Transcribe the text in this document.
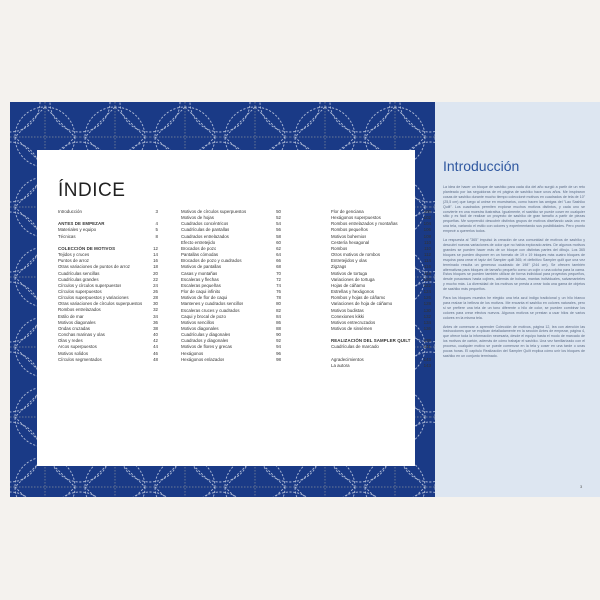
ÍNDICE
Introducción	3
ANTES DE EMPEZAR	4
Materiales y equipo	5
Técnicas	8
COLECCIÓN DE MOTIVOS	12
Tejidos y cruces	14
Puntos de arroz	16
Otras variaciones de puntos de arroz	18
Cuadrículas sencillas	20
Cuadrículas grandes	22
Círculos y círculos superpuestos	24
Círculos superpuestos	26
Círculos superpuestos y variaciones	28
Otras variaciones de círculos superpuestos 30
Rombos entrelazados	32
Estilo de mar	34
Motivos diagonales	36
Ondas cruzadas	38
Conchas marinas y olas	40
Olas y redes	42
Arcos superpuestos	44
Motivos solidos	46
Círculos segmentados	48
Motivos de círculos superpuestos	50
Motivos de hojas	52
Cuadrados concéntricos	54
Cuadrículas de pantallas	56
Cuadrados entrelazados	58
Efecto entretejido	60
Brocados de pozo	62
Pantallas cómodas	64
Brocados de pozo y cuadrados	66
Motivos de pantallas	68
Casas y montañas	70
Escaleras y flechas	72
Escaleras pequeñas	74
Flor de caqui infinito	76
Motivos de flor de caqui	78
Mantenes y cuadrados sencillos	80
Escaleras cruces y cuadrados	82
Caqui y brocal de pozo	84
Motivos sencillos	86
Motivos diagonales	88
Cuadrículas y diagonales	90
Cuadrados y diagonales	92
Motivos de flores y grecas	94
Hexágonos	96
Hexágonos enlazados	98
Flor de genciana	100
Hexágonos superpuestos	102
Rombos entrelazados y montañas	104
Rombos pequeños	106
Motivos bohemios	108
Cestería hexagonal	110
Rombos	110
Otros motivos de rombos	112
Entretejidos y olas	114
Zigzags	116
Motivos de tortuga	118
Variaciones de tortuga	120
Hojas de cáñamo	122
Estrellas y hexágonos	124
Rombos y hojas de cáñamo	126
Variaciones de hoja de cáñamo	128
Motivos budistas	130
Conexiones kikki	132
Motivos entrecruzados	134
Motivos de sinsémen	136
REALIZACIÓN DEL SAMPLER QUILT	138
Cuadrículas de marcado	141
Agradecimientos	143
La autora	143
Introducción

La idea de hacer un bloque de sashiko para cada día del año surgió a partir de un reto planteado por las seguidoras de mi página de sashiko hace unos años. Me inspiraron cosas de sashiko durante mucho tiempo coleccioné motivos en cuadrados de tela de 10" (25,5 cm) que luego al unirse en muestrarios, como hacen las amigas del "Lao Sashiko Quilt". Los cuadrados permiten explorar muchos motivos distintos, y cada uno se convierte en una muestra ilustrativa. Igualmente, el sashiko se puede coser en cualquier sitio y es fácil de realizar un proyecto de sashiko de gran tamaño a partir de piezas pequeñas. Me sorprendió descubrir distintos grupos de motivos diseñando cada uno en una tela, variando el estilo con colores y experimentando sus posibilidades. Pero pronto empecé a quererlos todos.

La respuesta al "365" impulsó la creación de una comunidad de motivos de sashiko y descubrí nuevas variaciones de color que no había explorado antes. De algunos motivos grandes se pueden hacer más de un bloque con distintas partes del dibujo. Los 365 bloques se pueden disponer en un formato de 19 x 19 bloques más cuatro bloques de esquina para crear el tapiz del Sampler quilt 365; el definitivo Sampler quilt que una vez terminado resulta un generoso cuadrado de 198" (244 cm). Se ofrecen también alternativas para bloques de tamaño pequeño como un cojín o una colcha para la cama. Estos bloques se pueden también utilizar de forma individual para proyectos pequeños, desde posavasos hasta cojines, además de bolsas, mantas individuales, salvamanteles y mucho más. La diversidad de los motivos se presta a crear toda una gama de objetos de sashiko más pequeños.

Para los bloques muestra he elegido una tela azul índigo tradicional y un hilo blanco para realzar la belleza de los motivos. Me encanta el sashiko en colores naturales, pero si se prefiere una tela de un tono diferente o hilo de color, se pueden combinar los colores para crear efectos nuevos. Algunos motivos se prestan a usar hilos de varios colores en la misma tela.

Antes de comenzar a aprender Colección de motivos, página 12, lea con atención las instrucciones que se explican detalladamente en la sección Antes de empezar, página 4, que ofrece toda la información necesaria, desde el equipo hasta el modo de marcado de los motivos de cartón, además de cómo trabajar el sashiko. Una vez familiarizado con el proceso, cualquier motivo se puede comenzar en la tela y coser en una tarde o unas pocas horas. El capítulo Realización del Sampler Quilt explica cómo unir los bloques de sashiko en un conjunto terminado.

3
